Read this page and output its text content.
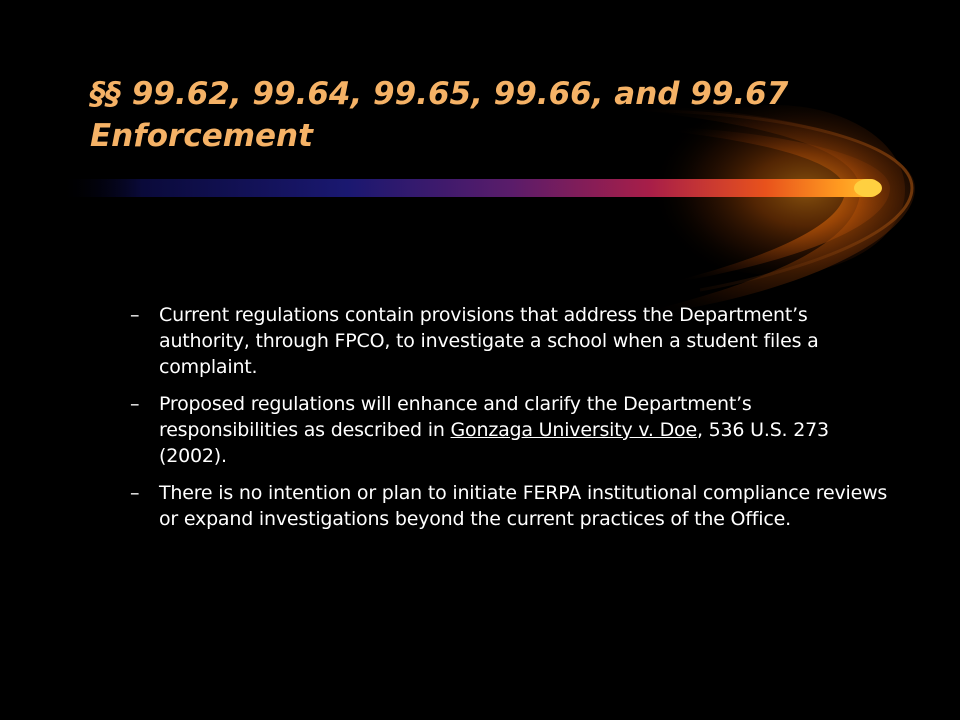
§§ 99.62, 99.64, 99.65, 99.66, and 99.67
Enforcement
– Current regulations contain provisions that address the Department’s authority, through FPCO, to investigate a school when a student files a complaint.
– Proposed regulations will enhance and clarify the Department’s responsibilities as described in Gonzaga University v. Doe, 536 U.S. 273 (2002).
– There is no intention or plan to initiate FERPA institutional compliance reviews or expand investigations beyond the current practices of the Office.
